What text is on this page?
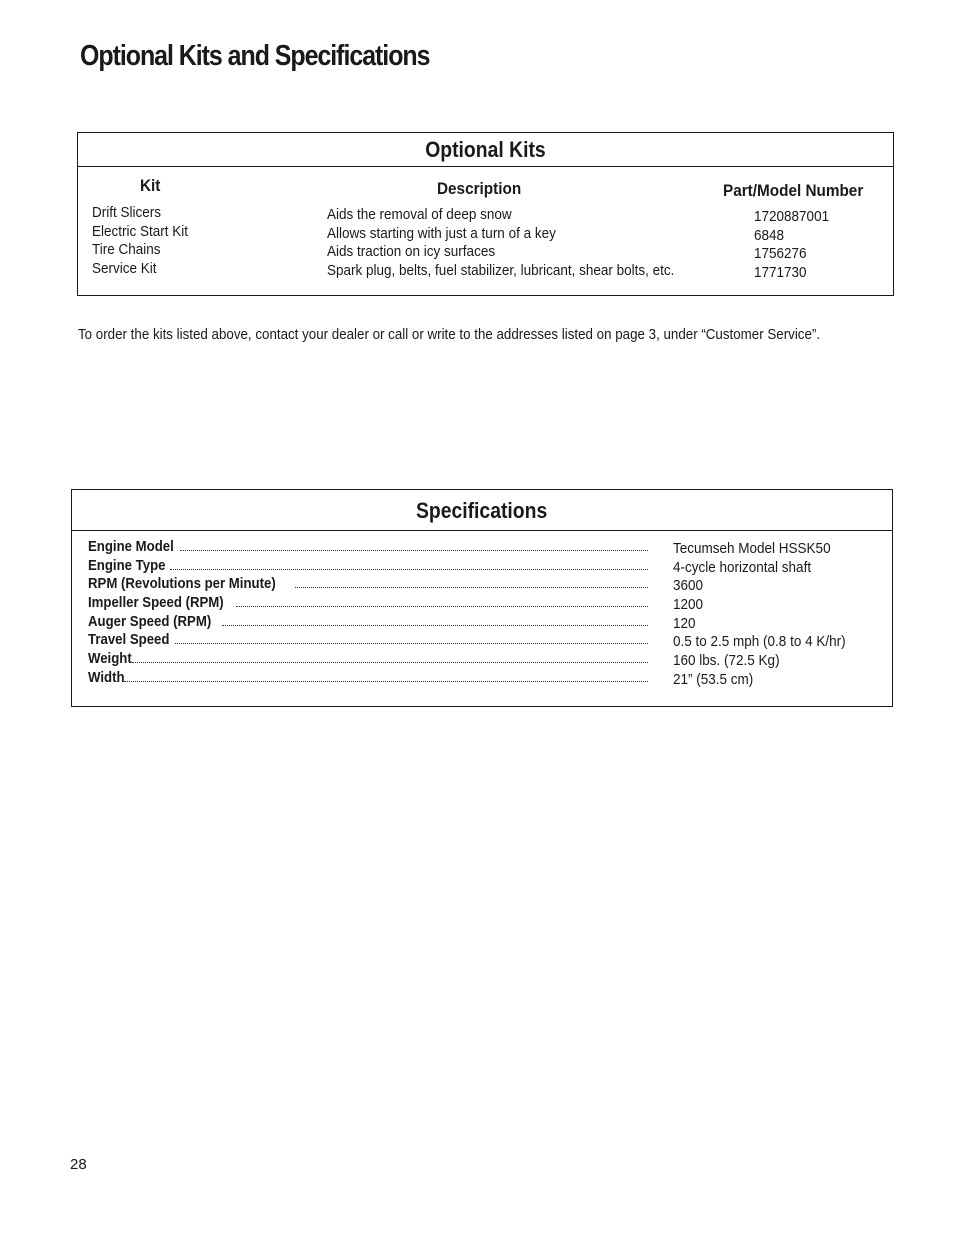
Optional Kits and Specifications
Optional Kits
Kit	Description	Part/Model Number
Drift Slicers
Electric Start Kit
Tire Chains
Service Kit
Aids the removal of deep snow
Allows starting with just a turn of a key
Aids traction on icy surfaces
Spark plug, belts, fuel stabilizer, lubricant, shear bolts, etc.
1720887001
6848
1756276
1771730

To order the kits listed above, contact your dealer or call or write to the addresses listed on page 3, under “Customer Service”.

Specifications
Engine Model
Engine Type
RPM (Revolutions per Minute)
Impeller Speed (RPM)
Auger Speed (RPM)
Travel Speed
Weight
Width
Tecumseh Model HSSK50
4-cycle horizontal shaft
3600
1200
120
0.5 to 2.5 mph (0.8 to 4 K/hr)
160 lbs. (72.5 Kg)
21” (53.5 cm)
28
